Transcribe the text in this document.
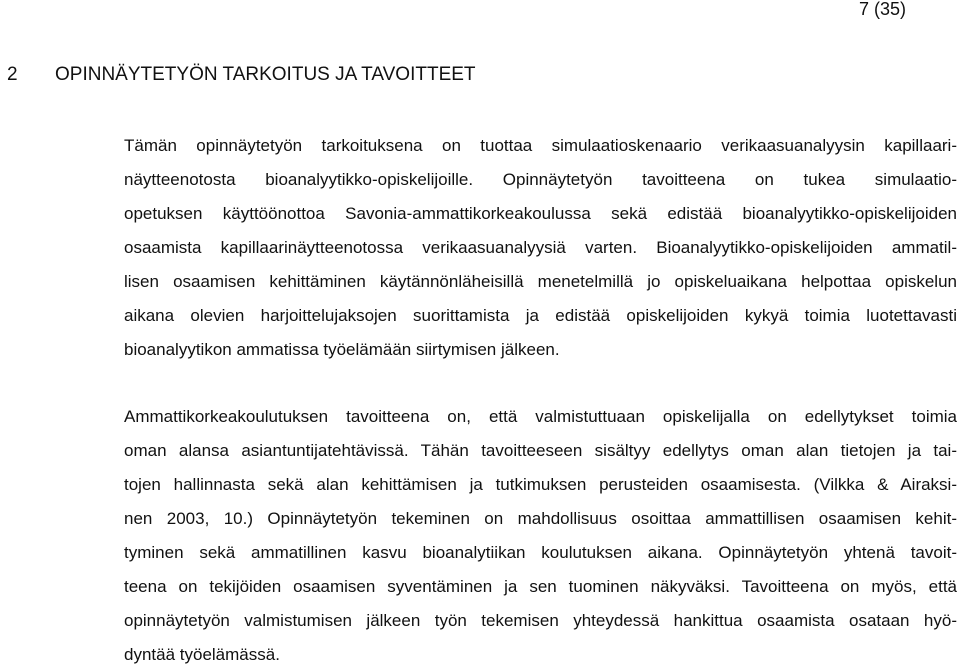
7 (35)
2 OPINNÄYTETYÖN TARKOITUS JA TAVOITTEET
Tämän opinnäytetyön tarkoituksena on tuottaa simulaatioskenaario verikaasuanalyysin kapillaari-
näytteenotosta bioanalyytikko-opiskelijoille. Opinnäytetyön tavoitteena on tukea simulaatio-
opetuksen käyttöönottoa Savonia-ammattikorkeakoulussa sekä edistää bioanalyytikko-opiskelijoiden
osaamista kapillaarinäytteenotossa verikaasuanalyysiä varten. Bioanalyytikko-opiskelijoiden ammatil-
lisen osaamisen kehittäminen käytännönläheisillä menetelmillä jo opiskeluaikana helpottaa opiskelun
aikana olevien harjoittelujaksojen suorittamista ja edistää opiskelijoiden kykyä toimia luotettavasti
bioanalyytikon ammatissa työelämään siirtymisen jälkeen.
Ammattikorkeakoulutuksen tavoitteena on, että valmistuttuaan opiskelijalla on edellytykset toimia
oman alansa asiantuntijatehtävissä. Tähän tavoitteeseen sisältyy edellytys oman alan tietojen ja tai-
tojen hallinnasta sekä alan kehittämisen ja tutkimuksen perusteiden osaamisesta. (Vilkka & Airaksi-
nen 2003, 10.) Opinnäytetyön tekeminen on mahdollisuus osoittaa ammattillisen osaamisen kehit-
tyminen sekä ammatillinen kasvu bioanalytiikan koulutuksen aikana. Opinnäytetyön yhtenä tavoit-
teena on tekijöiden osaamisen syventäminen ja sen tuominen näkyväksi. Tavoitteena on myös, että
opinnäytetyön valmistumisen jälkeen työn tekemisen yhteydessä hankittua osaamista osataan hyö-
dyntää työelämässä.
